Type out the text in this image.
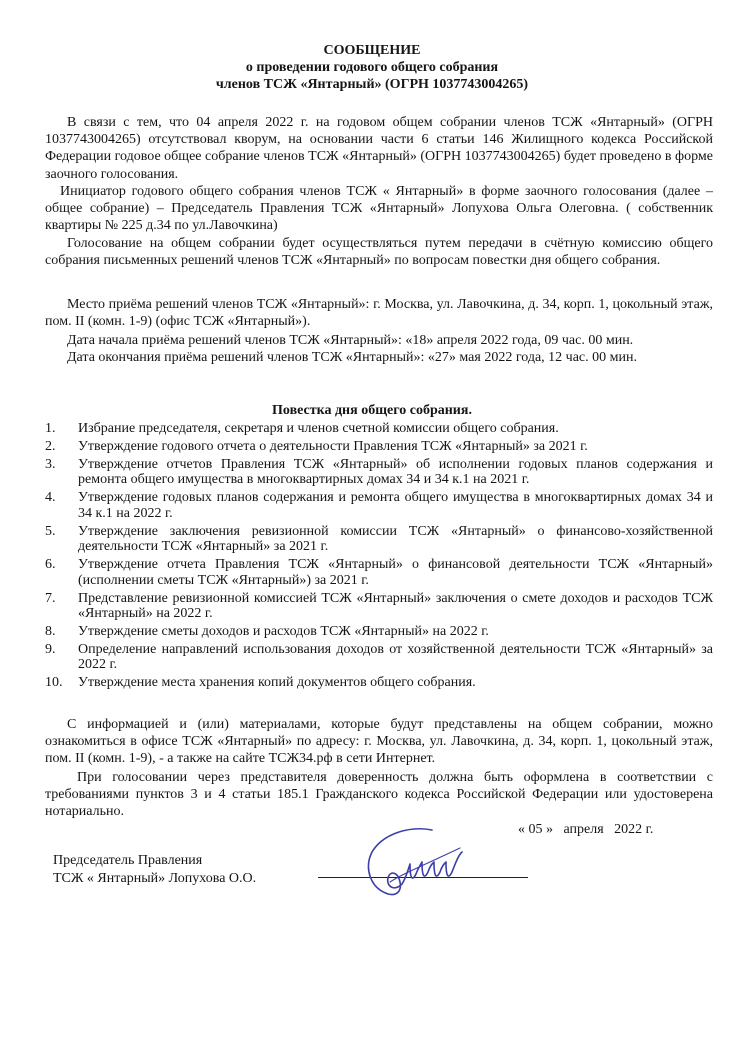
СООБЩЕНИЕ
о проведении годового общего собрания
членов ТСЖ «Янтарный» (ОГРН 1037743004265)
В связи с тем, что 04 апреля 2022 г. на годовом общем собрании членов ТСЖ «Янтарный» (ОГРН 1037743004265) отсутствовал кворум, на основании части 6 статьи 146 Жилищного кодекса Российской Федерации годовое общее собрание членов ТСЖ «Янтарный» (ОГРН 1037743004265) будет проведено в форме заочного голосования.
Инициатор годового общего собрания членов ТСЖ « Янтарный» в форме заочного голосования (далее – общее собрание) – Председатель Правления ТСЖ «Янтарный» Лопухова Ольга Олеговна. ( собственник квартиры № 225 д.34 по ул.Лавочкина)
Голосование на общем собрании будет осуществляться путем передачи в счётную комиссию общего собрания письменных решений членов ТСЖ «Янтарный» по вопросам повестки дня общего собрания.
Место приёма решений членов ТСЖ «Янтарный»: г. Москва, ул. Лавочкина, д. 34, корп. 1, цокольный этаж, пом. II (комн. 1-9) (офис ТСЖ «Янтарный»).
Дата начала приёма решений членов ТСЖ «Янтарный»: «18» апреля 2022 года, 09 час. 00 мин.
Дата окончания приёма решений членов ТСЖ «Янтарный»: «27» мая 2022 года, 12 час. 00 мин.
Повестка дня общего собрания.
1.	Избрание председателя, секретаря и членов счетной комиссии общего собрания.
2.	Утверждение годового отчета о деятельности Правления ТСЖ «Янтарный» за 2021 г.
3.	Утверждение отчетов Правления ТСЖ «Янтарный» об исполнении годовых планов содержания и ремонта общего имущества в многоквартирных домах 34 и 34 к.1 на 2021 г.
4.	Утверждение годовых планов содержания и ремонта общего имущества в многоквартирных домах 34 и 34 к.1 на 2022 г.
5.	Утверждение заключения ревизионной комиссии ТСЖ «Янтарный» о финансово-хозяйственной деятельности ТСЖ «Янтарный» за 2021 г.
6.	Утверждение отчета Правления ТСЖ «Янтарный» о финансовой деятельности ТСЖ «Янтарный» (исполнении сметы ТСЖ «Янтарный») за 2021 г.
7.	Представление ревизионной комиссией ТСЖ «Янтарный» заключения о смете доходов и расходов ТСЖ «Янтарный» на 2022 г.
8.	Утверждение сметы доходов и расходов ТСЖ «Янтарный» на 2022 г.
9.	Определение направлений использования доходов от хозяйственной деятельности ТСЖ «Янтарный» за 2022 г.
10.	Утверждение места хранения копий документов общего собрания.
С информацией и (или) материалами, которые будут представлены на общем собрании, можно ознакомиться в офисе ТСЖ «Янтарный» по адресу: г. Москва, ул. Лавочкина, д. 34, корп. 1, цокольный этаж, пом. II (комн. 1-9), - а также на сайте ТСЖ34.рф в сети Интернет.
При голосовании через представителя доверенность должна быть оформлена в соответствии с требованиями пунктов 3 и 4 статьи 185.1 Гражданского кодекса Российской Федерации или удостоверена нотариально.
« 05 »   апреля   2022 г.
Председатель Правления
ТСЖ « Янтарный» Лопухова О.О.
